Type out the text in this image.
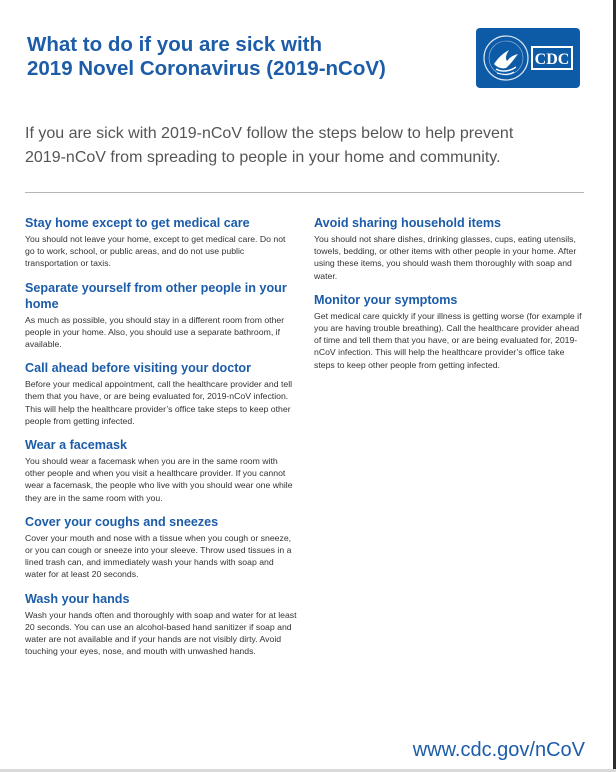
What to do if you are sick with
2019 Novel Coronavirus (2019-nCoV)	CDC

If you are sick with 2019-nCoV follow the steps below to help prevent
2019-nCoV from spreading to people in your home and community.

Stay home except to get medical care

You should not leave your home, except to get medical care. Do not go to work, school, or public areas, and do not use public transportation or taxis.

Separate yourself from other people in your home

As much as possible, you should stay in a different room from other people in your home. Also, you should use a separate bathroom, if available.

Call ahead before visiting your doctor

Before your medical appointment, call the healthcare provider and tell them that you have, or are being evaluated for, 2019-nCoV infection. This will help the healthcare provider’s office take steps to keep other people from getting infected.

Wear a facemask

You should wear a facemask when you are in the same room with other people and when you visit a healthcare provider. If you cannot wear a facemask, the people who live with you should wear one while they are in the same room with you.

Cover your coughs and sneezes

Cover your mouth and nose with a tissue when you cough or sneeze, or you can cough or sneeze into your sleeve. Throw used tissues in a lined trash can, and immediately wash your hands with soap and water for at least 20 seconds.

Wash your hands

Wash your hands often and thoroughly with soap and water for at least 20 seconds. You can use an alcohol-based hand sanitizer if soap and water are not available and if your hands are not visibly dirty. Avoid touching your eyes, nose, and mouth with unwashed hands.

Avoid sharing household items

You should not share dishes, drinking glasses, cups, eating utensils, towels, bedding, or other items with other people in your home. After using these items, you should wash them thoroughly with soap and water.

Monitor your symptoms

Get medical care quickly if your illness is getting worse (for example if you are having trouble breathing). Call the healthcare provider ahead of time and tell them that you have, or are being evaluated for, 2019-nCoV infection. This will help the healthcare provider’s office take steps to keep other people from getting infected.

www.cdc.gov/nCoV
